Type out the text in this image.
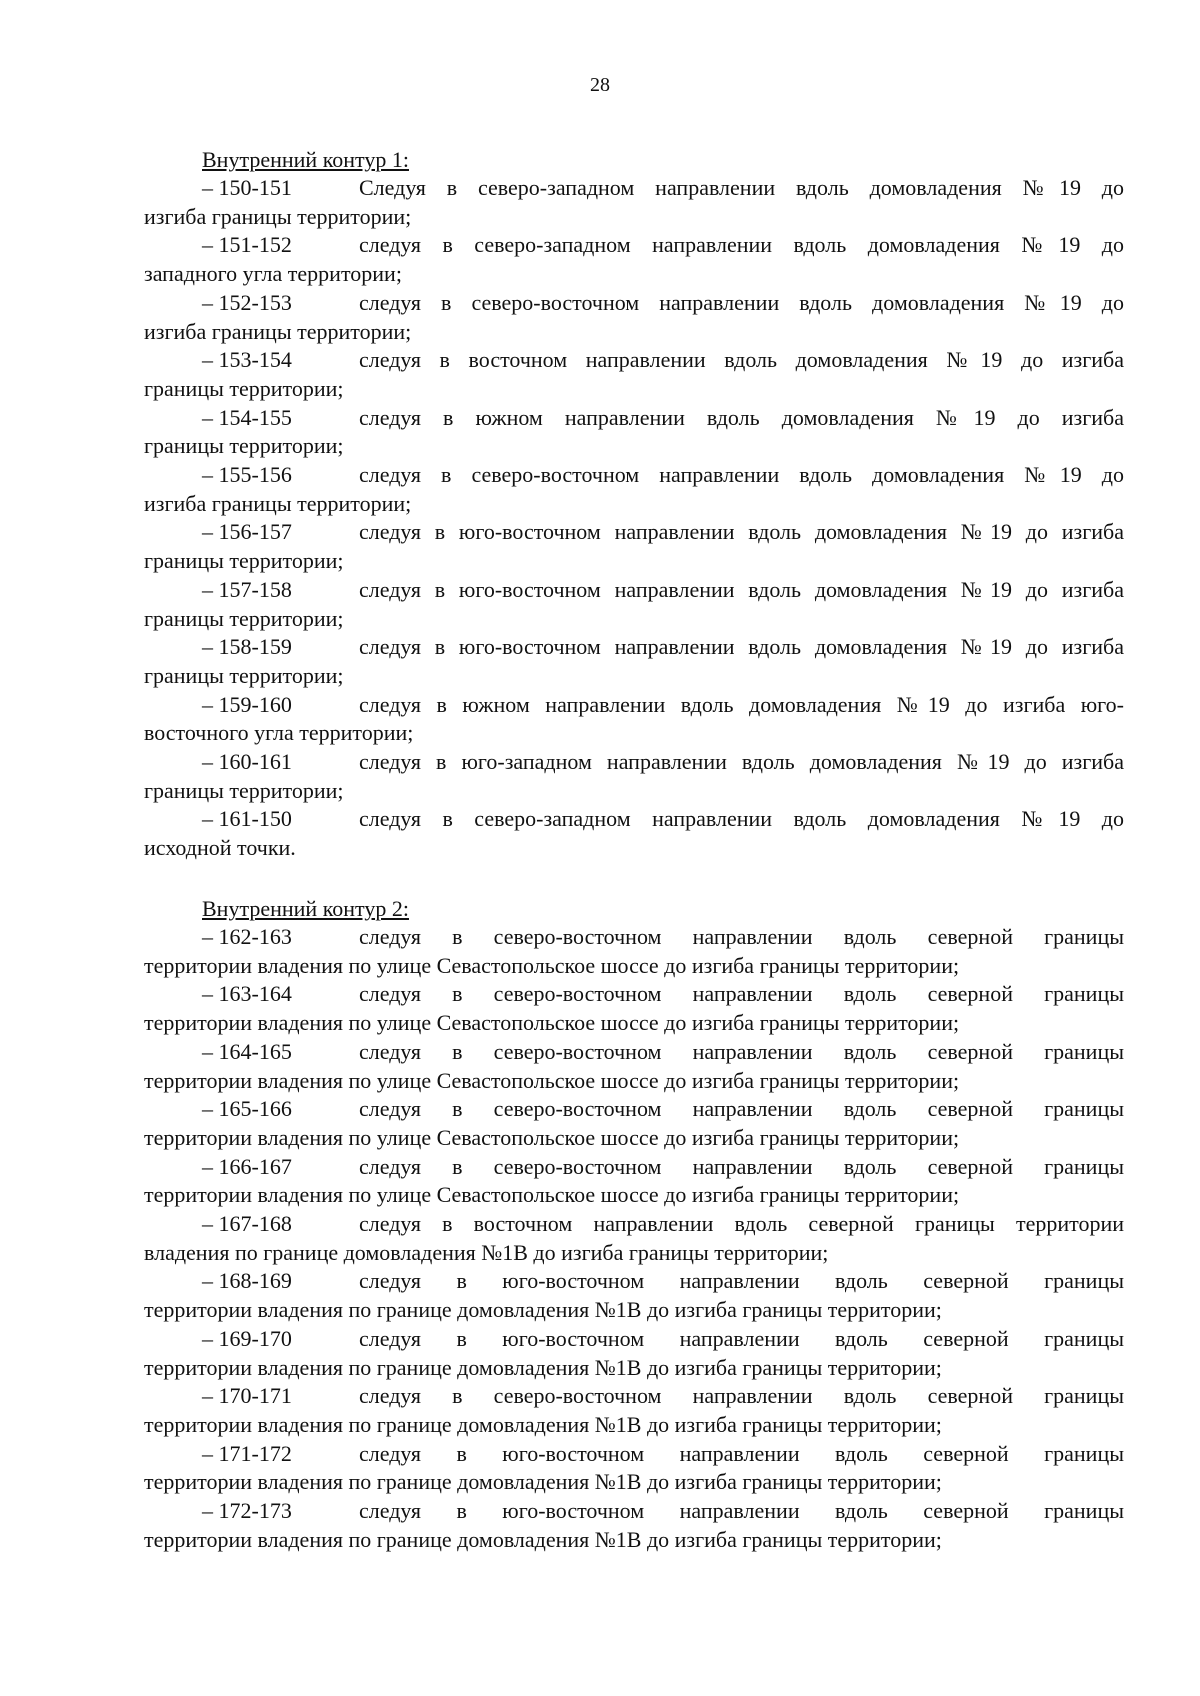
28
Внутренний контур 1:

– 150-151	Следуя в северо-западном направлении вдоль домовладения №19 до
изгиба границы территории;

– 151-152	следуя в северо-западном направлении вдоль домовладения №19 до
западного угла территории;

– 152-153	следуя в северо-восточном направлении вдоль домовладения №19 до
изгиба границы территории;

– 153-154	следуя в восточном направлении вдоль домовладения №19 до изгиба
границы территории;

– 154-155	следуя в южном направлении вдоль домовладения №19 до изгиба
границы территории;

– 155-156	следуя в северо-восточном направлении вдоль домовладения №19 до
изгиба границы территории;

– 156-157	следуя в юго-восточном направлении вдоль домовладения №19 до изгиба
границы территории;

– 157-158	следуя в юго-восточном направлении вдоль домовладения №19 до изгиба
границы территории;

– 158-159	следуя в юго-восточном направлении вдоль домовладения №19 до изгиба
границы территории;

– 159-160	следуя в южном направлении вдоль домовладения №19 до изгиба юго-
восточного угла территории;

– 160-161	следуя в юго-западном направлении вдоль домовладения №19 до изгиба
границы территории;

– 161-150	следуя в северо-западном направлении вдоль домовладения №19 до
исходной точки.

Внутренний контур 2:

– 162-163	следуя в северо-восточном направлении вдоль северной границы
территории владения по улице Севастопольское шоссе до изгиба границы территории;

– 163-164	следуя в северо-восточном направлении вдоль северной границы
территории владения по улице Севастопольское шоссе до изгиба границы территории;

– 164-165	следуя в северо-восточном направлении вдоль северной границы
территории владения по улице Севастопольское шоссе до изгиба границы территории;

– 165-166	следуя в северо-восточном направлении вдоль северной границы
территории владения по улице Севастопольское шоссе до изгиба границы территории;

– 166-167	следуя в северо-восточном направлении вдоль северной границы
территории владения по улице Севастопольское шоссе до изгиба границы территории;

– 167-168	следуя в восточном направлении вдоль северной границы территории
владения по границе домовладения №1В до изгиба границы территории;

– 168-169	следуя в юго-восточном направлении вдоль северной границы
территории владения по границе домовладения №1В до изгиба границы территории;

– 169-170	следуя в юго-восточном направлении вдоль северной границы
территории владения по границе домовладения №1В до изгиба границы территории;

– 170-171	следуя в северо-восточном направлении вдоль северной границы
территории владения по границе домовладения №1В до изгиба границы территории;

– 171-172	следуя в юго-восточном направлении вдоль северной границы
территории владения по границе домовладения №1В до изгиба границы территории;

– 172-173	следуя в юго-восточном направлении вдоль северной границы
территории владения по границе домовладения №1В до изгиба границы территории;
